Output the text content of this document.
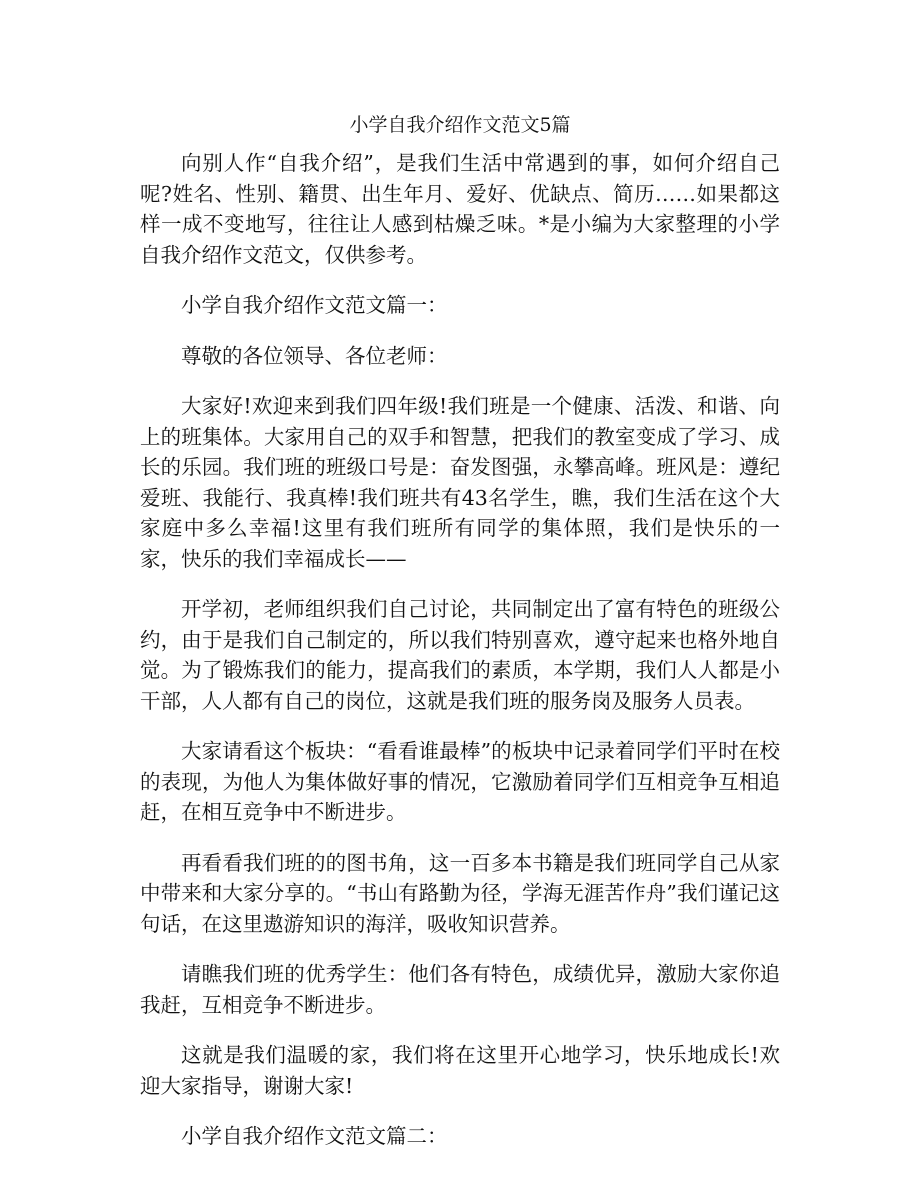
小学自我介绍作文范文5篇

向别人作“自我介绍”，是我们生活中常遇到的事，如何介绍自己呢?姓名、性别、籍贯、出生年月、爱好、优缺点、简历……如果都这样一成不变地写，往往让人感到枯燥乏味。*是小编为大家整理的小学自我介绍作文范文，仅供参考。

小学自我介绍作文范文篇一：

尊敬的各位领导、各位老师：

大家好!欢迎来到我们四年级!我们班是一个健康、活泼、和谐、向上的班集体。大家用自己的双手和智慧，把我们的教室变成了学习、成长的乐园。我们班的班级口号是：奋发图强，永攀高峰。班风是：遵纪爱班、我能行、我真棒!我们班共有43名学生，瞧，我们生活在这个大家庭中多么幸福!这里有我们班所有同学的集体照，我们是快乐的一家，快乐的我们幸福成长——

开学初，老师组织我们自己讨论，共同制定出了富有特色的班级公约，由于是我们自己制定的，所以我们特别喜欢，遵守起来也格外地自觉。为了锻炼我们的能力，提高我们的素质，本学期，我们人人都是小干部，人人都有自己的岗位，这就是我们班的服务岗及服务人员表。

大家请看这个板块：“看看谁最棒”的板块中记录着同学们平时在校的表现，为他人为集体做好事的情况，它激励着同学们互相竞争互相追赶，在相互竞争中不断进步。

再看看我们班的的图书角，这一百多本书籍是我们班同学自己从家中带来和大家分享的。“书山有路勤为径，学海无涯苦作舟”我们谨记这句话，在这里遨游知识的海洋，吸收知识营养。

请瞧我们班的优秀学生：他们各有特色，成绩优异，激励大家你追我赶，互相竞争不断进步。

这就是我们温暖的家，我们将在这里开心地学习，快乐地成长!欢迎大家指导，谢谢大家!

小学自我介绍作文范文篇二：
